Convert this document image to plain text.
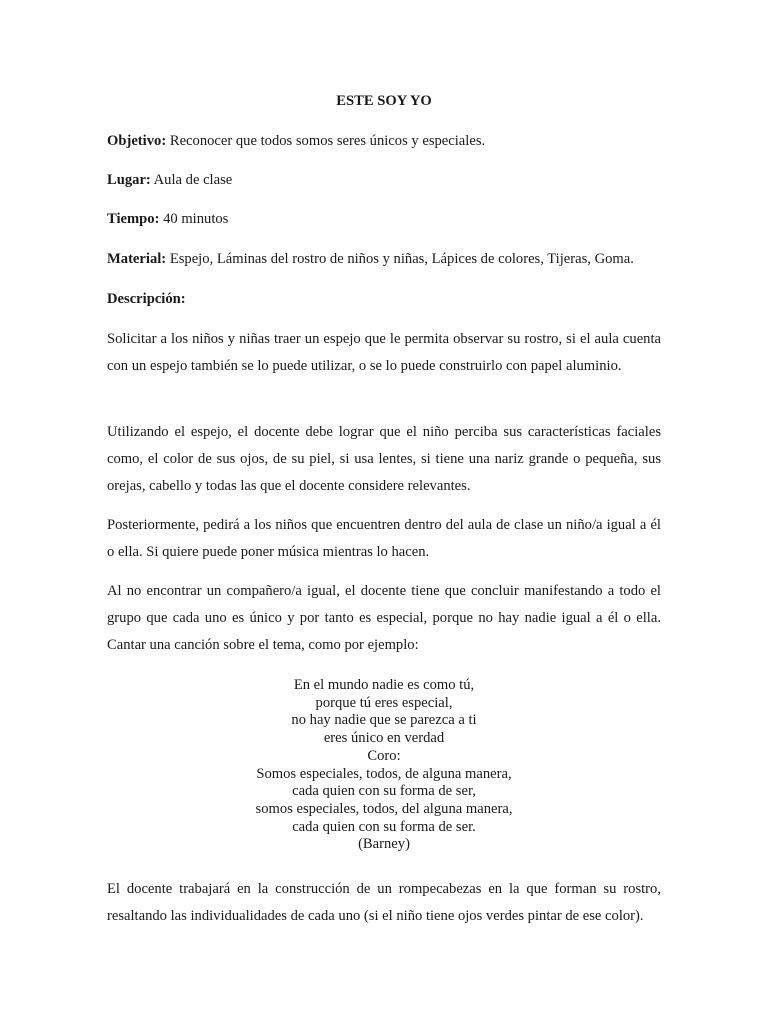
ESTE SOY YO
Objetivo: Reconocer que todos somos seres únicos y especiales.
Lugar: Aula de clase
Tiempo: 40 minutos
Material: Espejo, Láminas del rostro de niños y niñas, Lápices de colores, Tijeras, Goma.
Descripción:

Solicitar a los niños y niñas traer un espejo que le permita observar su rostro, si el aula cuenta con un espejo también se lo puede utilizar, o se lo puede construirlo con papel aluminio.

Utilizando el espejo, el docente debe lograr que el niño perciba sus características faciales como, el color de sus ojos, de su piel, si usa lentes, si tiene una nariz grande o pequeña, sus orejas, cabello y todas las que el docente considere relevantes.

Posteriormente, pedirá a los niños que encuentren dentro del aula de clase un niño/a igual a él o ella. Si quiere puede poner música mientras lo hacen.

Al no encontrar un compañero/a igual, el docente tiene que concluir manifestando a todo el grupo que cada uno es único y por tanto es especial, porque no hay nadie igual a él o ella. Cantar una canción sobre el tema, como por ejemplo:

En el mundo nadie es como tú,
porque tú eres especial,
no hay nadie que se parezca a ti
eres único en verdad
Coro:
Somos especiales, todos, de alguna manera,
cada quien con su forma de ser,
somos especiales, todos, del alguna manera,
cada quien con su forma de ser.
(Barney)

El docente trabajará en la construcción de un rompecabezas en la que forman su rostro, resaltando las individualidades de cada uno (si el niño tiene ojos verdes pintar de ese color).
